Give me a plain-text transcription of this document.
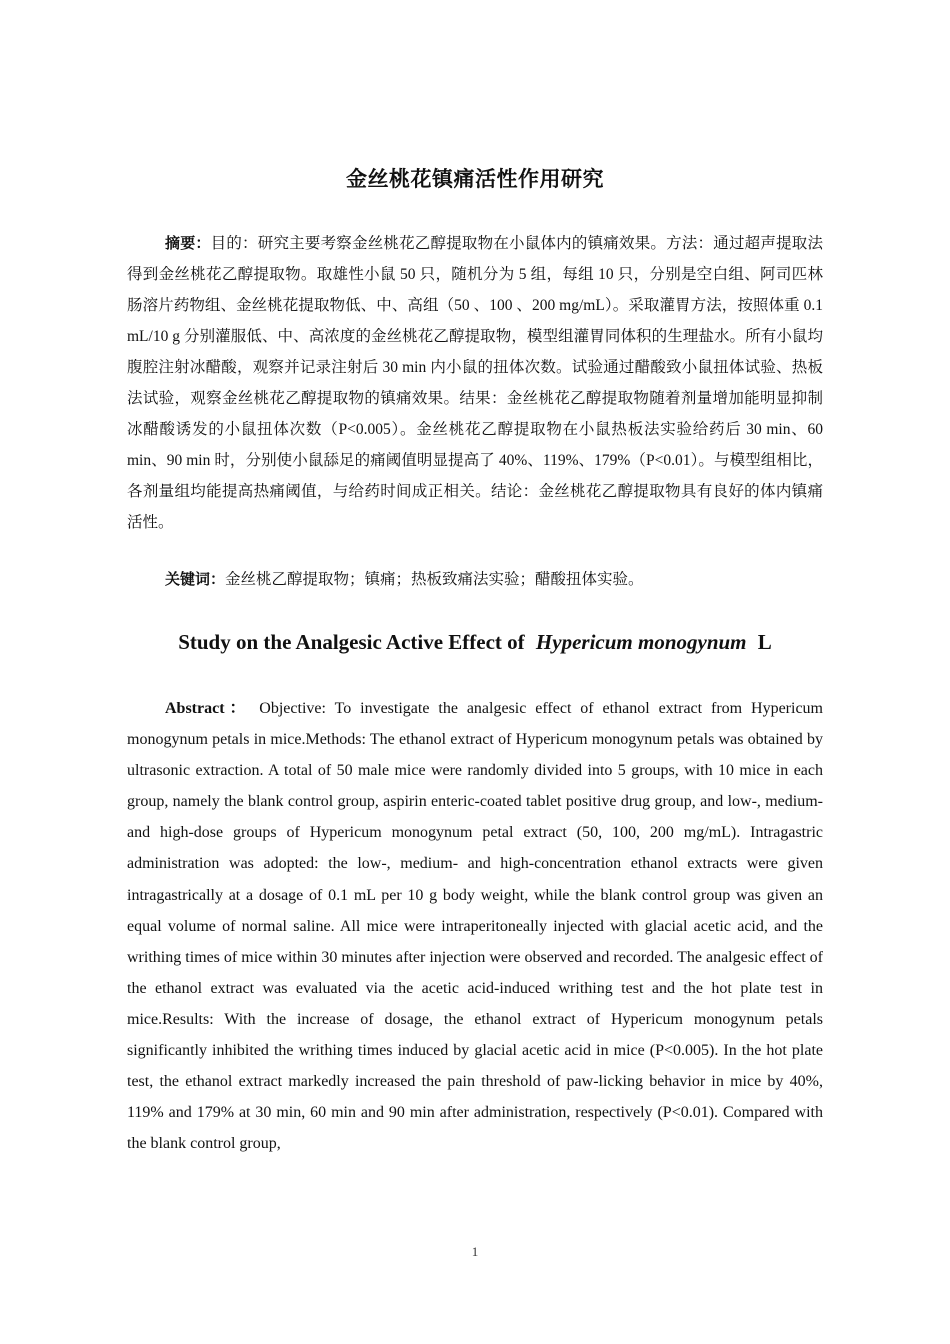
金丝桃花镇痛活性作用研究
摘要：目的：研究主要考察金丝桃花乙醇提取物在小鼠体内的镇痛效果。方法：通过超声提取法得到金丝桃花乙醇提取物。取雄性小鼠 50 只，随机分为 5 组，每组 10 只，分别是空白组、阿司匹林肠溶片药物组、金丝桃花提取物低、中、高组（50 、100 、200 mg/mL）。采取灌胃方法，按照体重 0.1 mL/10 g 分别灌服低、中、高浓度的金丝桃花乙醇提取物，模型组灌胃同体积的生理盐水。所有小鼠均腹腔注射冰醋酸，观察并记录注射后 30 min 内小鼠的扭体次数。试验通过醋酸致小鼠扭体试验、热板法试验，观察金丝桃花乙醇提取物的镇痛效果。结果：金丝桃花乙醇提取物随着剂量增加能明显抑制冰醋酸诱发的小鼠扭体次数（P<0.005）。金丝桃花乙醇提取物在小鼠热板法实验给药后 30 min、60 min、90 min 时，分别使小鼠舔足的痛阈值明显提高了 40%、119%、179%（P<0.01）。与模型组相比，各剂量组均能提高热痛阈值，与给药时间成正相关。结论：金丝桃花乙醇提取物具有良好的体内镇痛活性。
关键词：金丝桃乙醇提取物；镇痛；热板致痛法实验；醋酸扭体实验。
Study on the Analgesic Active Effect of Hypericum monogynum L
Abstract： Objective: To investigate the analgesic effect of ethanol extract from Hypericum monogynum petals in mice.Methods: The ethanol extract of Hypericum monogynum petals was obtained by ultrasonic extraction. A total of 50 male mice were randomly divided into 5 groups, with 10 mice in each group, namely the blank control group, aspirin enteric-coated tablet positive drug group, and low-, medium- and high-dose groups of Hypericum monogynum petal extract (50, 100, 200 mg/mL). Intragastric administration was adopted: the low-, medium- and high-concentration ethanol extracts were given intragastrically at a dosage of 0.1 mL per 10 g body weight, while the blank control group was given an equal volume of normal saline. All mice were intraperitoneally injected with glacial acetic acid, and the writhing times of mice within 30 minutes after injection were observed and recorded. The analgesic effect of the ethanol extract was evaluated via the acetic acid-induced writhing test and the hot plate test in mice.Results: With the increase of dosage, the ethanol extract of Hypericum monogynum petals significantly inhibited the writhing times induced by glacial acetic acid in mice (P<0.005). In the hot plate test, the ethanol extract markedly increased the pain threshold of paw-licking behavior in mice by 40%, 119% and 179% at 30 min, 60 min and 90 min after administration, respectively (P<0.01). Compared with the blank control group,
1
